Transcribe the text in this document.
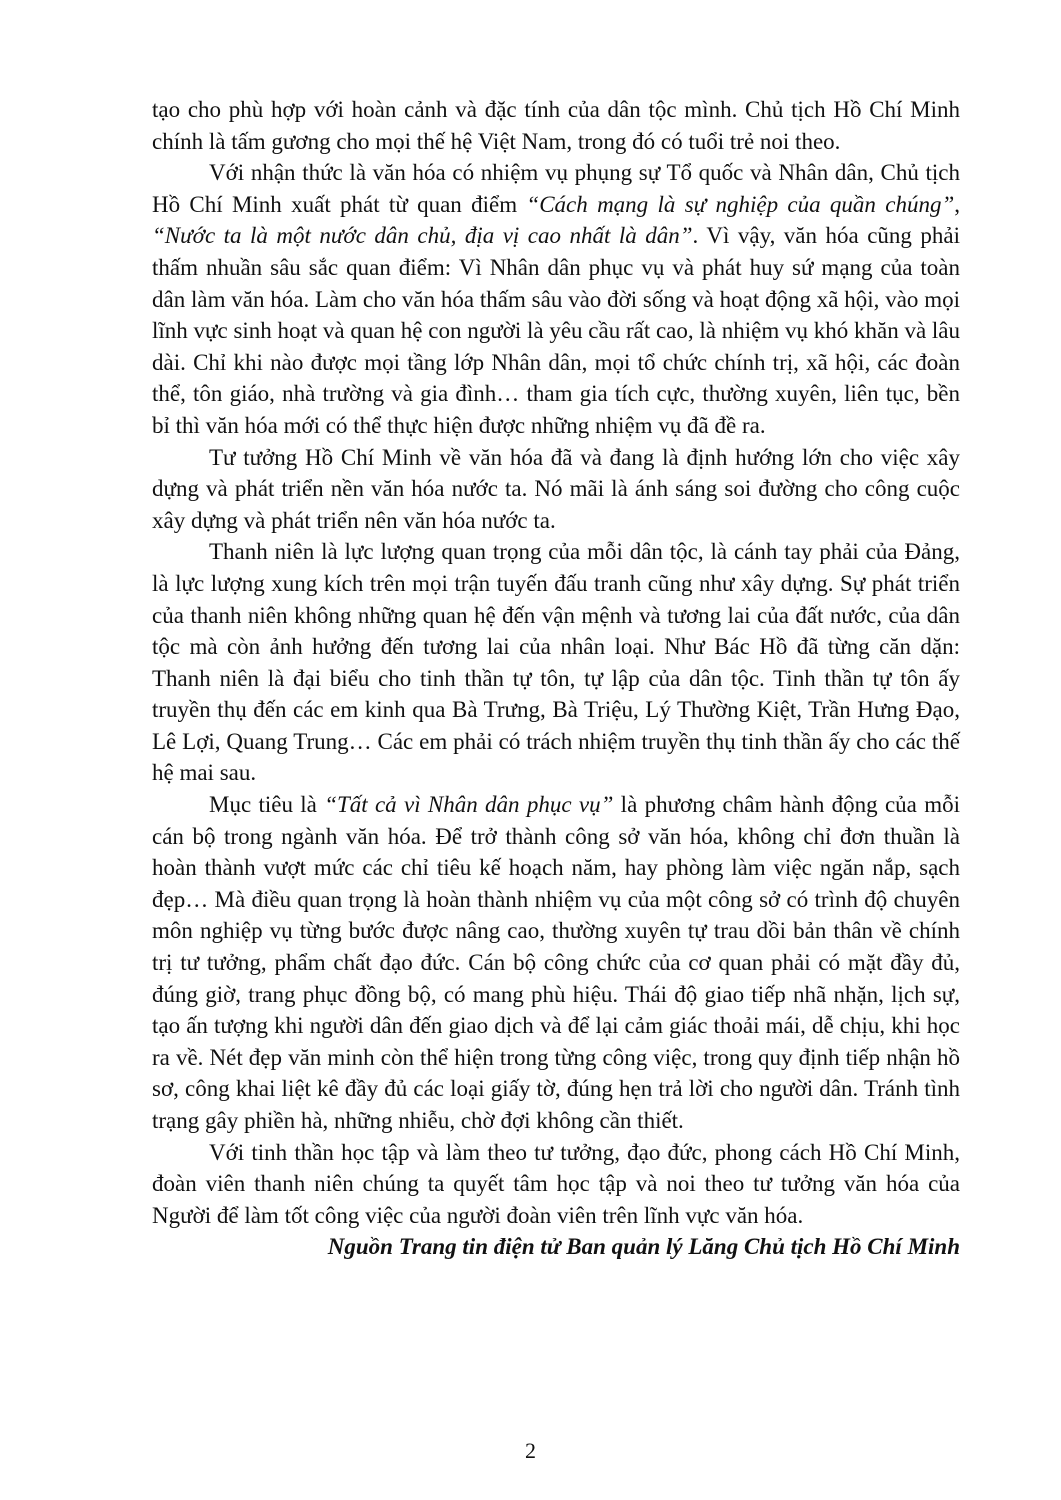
tạo cho phù hợp với hoàn cảnh và đặc tính của dân tộc mình. Chủ tịch Hồ Chí Minh chính là tấm gương cho mọi thế hệ Việt Nam, trong đó có tuổi trẻ noi theo.

Với nhận thức là văn hóa có nhiệm vụ phụng sự Tổ quốc và Nhân dân, Chủ tịch Hồ Chí Minh xuất phát từ quan điểm “Cách mạng là sự nghiệp của quần chúng”, “Nước ta là một nước dân chủ, địa vị cao nhất là dân”. Vì vậy, văn hóa cũng phải thấm nhuần sâu sắc quan điểm: Vì Nhân dân phục vụ và phát huy sứ mạng của toàn dân làm văn hóa. Làm cho văn hóa thấm sâu vào đời sống và hoạt động xã hội, vào mọi lĩnh vực sinh hoạt và quan hệ con người là yêu cầu rất cao, là nhiệm vụ khó khăn và lâu dài. Chỉ khi nào được mọi tầng lớp Nhân dân, mọi tổ chức chính trị, xã hội, các đoàn thể, tôn giáo, nhà trường và gia đình… tham gia tích cực, thường xuyên, liên tục, bền bỉ thì văn hóa mới có thể thực hiện được những nhiệm vụ đã đề ra.

Tư tưởng Hồ Chí Minh về văn hóa đã và đang là định hướng lớn cho việc xây dựng và phát triển nền văn hóa nước ta. Nó mãi là ánh sáng soi đường cho công cuộc xây dựng và phát triển nên văn hóa nước ta.

Thanh niên là lực lượng quan trọng của mỗi dân tộc, là cánh tay phải của Đảng, là lực lượng xung kích trên mọi trận tuyến đấu tranh cũng như xây dựng. Sự phát triển của thanh niên không những quan hệ đến vận mệnh và tương lai của đất nước, của dân tộc mà còn ảnh hưởng đến tương lai của nhân loại. Như Bác Hồ đã từng căn dặn: Thanh niên là đại biểu cho tinh thần tự tôn, tự lập của dân tộc. Tinh thần tự tôn ấy truyền thụ đến các em kinh qua Bà Trưng, Bà Triệu, Lý Thường Kiệt, Trần Hưng Đạo, Lê Lợi, Quang Trung… Các em phải có trách nhiệm truyền thụ tinh thần ấy cho các thế hệ mai sau.

Mục tiêu là “Tất cả vì Nhân dân phục vụ” là phương châm hành động của mỗi cán bộ trong ngành văn hóa. Để trở thành công sở văn hóa, không chỉ đơn thuần là hoàn thành vượt mức các chỉ tiêu kế hoạch năm, hay phòng làm việc ngăn nắp, sạch đẹp… Mà điều quan trọng là hoàn thành nhiệm vụ của một công sở có trình độ chuyên môn nghiệp vụ từng bước được nâng cao, thường xuyên tự trau dồi bản thân về chính trị tư tưởng, phẩm chất đạo đức. Cán bộ công chức của cơ quan phải có mặt đầy đủ, đúng giờ, trang phục đồng bộ, có mang phù hiệu. Thái độ giao tiếp nhã nhặn, lịch sự, tạo ấn tượng khi người dân đến giao dịch và để lại cảm giác thoải mái, dễ chịu, khi học ra về. Nét đẹp văn minh còn thể hiện trong từng công việc, trong quy định tiếp nhận hồ sơ, công khai liệt kê đầy đủ các loại giấy tờ, đúng hẹn trả lời cho người dân. Tránh tình trạng gây phiền hà, những nhiễu, chờ đợi không cần thiết.

Với tinh thần học tập và làm theo tư tưởng, đạo đức, phong cách Hồ Chí Minh, đoàn viên thanh niên chúng ta quyết tâm học tập và noi theo tư tưởng văn hóa của Người để làm tốt công việc của người đoàn viên trên lĩnh vực văn hóa.

Nguồn Trang tin điện tử Ban quản lý Lăng Chủ tịch Hồ Chí Minh

2
